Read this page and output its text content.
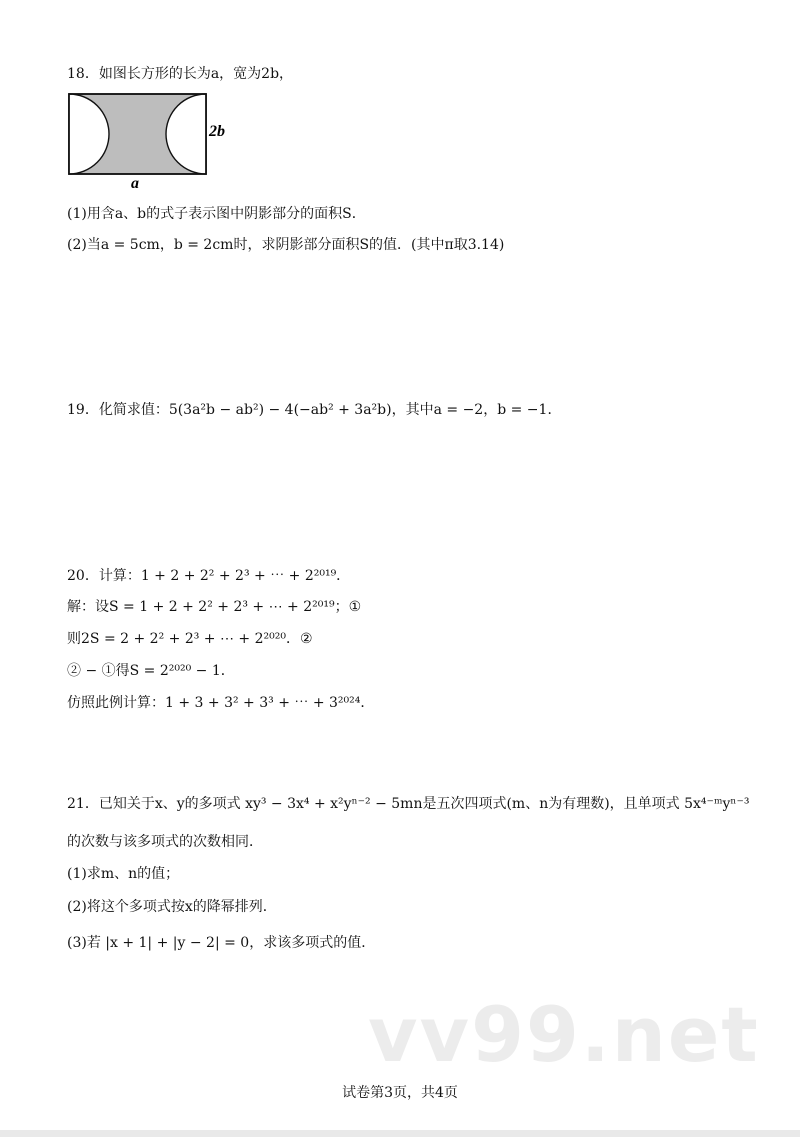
18．如图长方形的长为a，宽为2b，
2b
a
(1)用含a、b的式子表示图中阴影部分的面积S．
(2)当a = 5cm，b = 2cm时，求阴影部分面积S的值．(其中π取3.14)
19．化简求值：5(3a²b − ab²) − 4(−ab² + 3a²b)，其中a = −2，b = −1．
20．计算：1 + 2 + 2² + 2³ + ⋯ + 2²⁰¹⁹．
解：设S = 1 + 2 + 2² + 2³ + ⋯ + 2²⁰¹⁹；①
则2S = 2 + 2² + 2³ + ⋯ + 2²⁰²⁰．②
② − ①得S = 2²⁰²⁰ − 1．
仿照此例计算：1 + 3 + 3² + 3³ + ⋯ + 3²⁰²⁴．
21．已知关于x、y的多项式 xy³ − 3x⁴ + x²yⁿ⁻² − 5mn是五次四项式(m、n为有理数)，且单项式 5x⁴⁻ᵐyⁿ⁻³
的次数与该多项式的次数相同．
(1)求m、n的值；
(2)将这个多项式按x的降幂排列．
(3)若 |x + 1| + |y − 2| = 0，求该多项式的值．
vv99.net
试卷第3页，共4页
